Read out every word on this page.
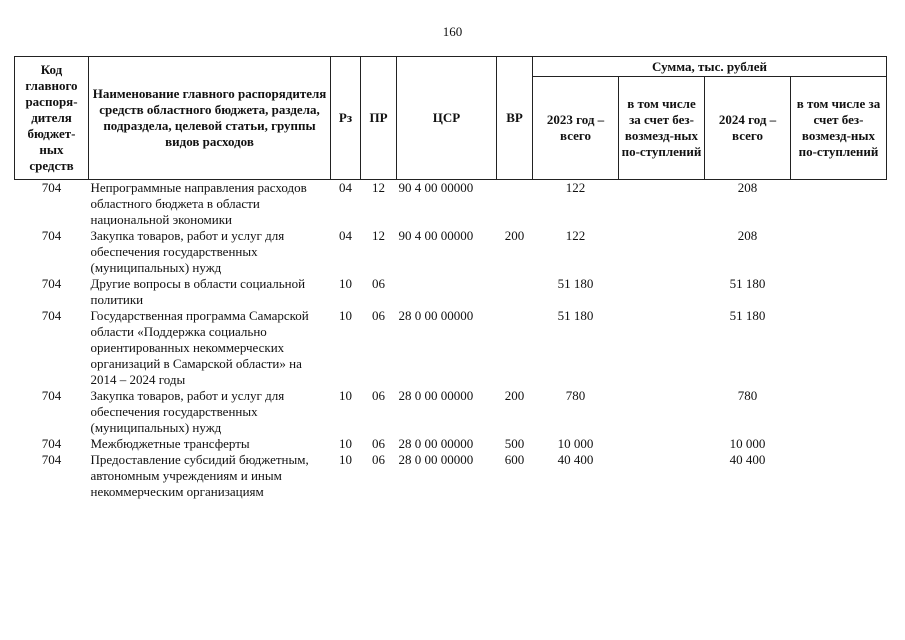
160
Код главного распоря-дителя бюджет-ных средств	Наименование главного распорядителя средств областного бюджета, раздела, подраздела, целевой статьи, группы видов расходов	Рз	ПР	ЦСР	ВР	Сумма, тыс. рублей			
						2023 год – всего	в том числе за счет без-возмезд-ных по-ступлений	2024 год – всего	в том числе за счет без-возмезд-ных по-ступлений
704	Непрограммные направления расходов областного бюджета в области национальной экономики	04	12	90 4 00 00000		122		208	
704	Закупка товаров, работ и услуг для обеспечения государственных (муниципальных) нужд	04	12	90 4 00 00000	200	122		208	
704	Другие вопросы в области социальной политики	10	06			51 180		51 180	
704	Государственная программа Самарской области «Поддержка социально ориентированных некоммерческих организаций в Самарской области» на 2014 – 2024 годы	10	06	28 0 00 00000		51 180		51 180	
704	Закупка товаров, работ и услуг для обеспечения государственных (муниципальных) нужд	10	06	28 0 00 00000	200	780		780	
704	Межбюджетные трансферты	10	06	28 0 00 00000	500	10 000		10 000	
704	Предоставление субсидий бюджетным, автономным учреждениям и иным некоммерческим организациям	10	06	28 0 00 00000	600	40 400		40 400	
